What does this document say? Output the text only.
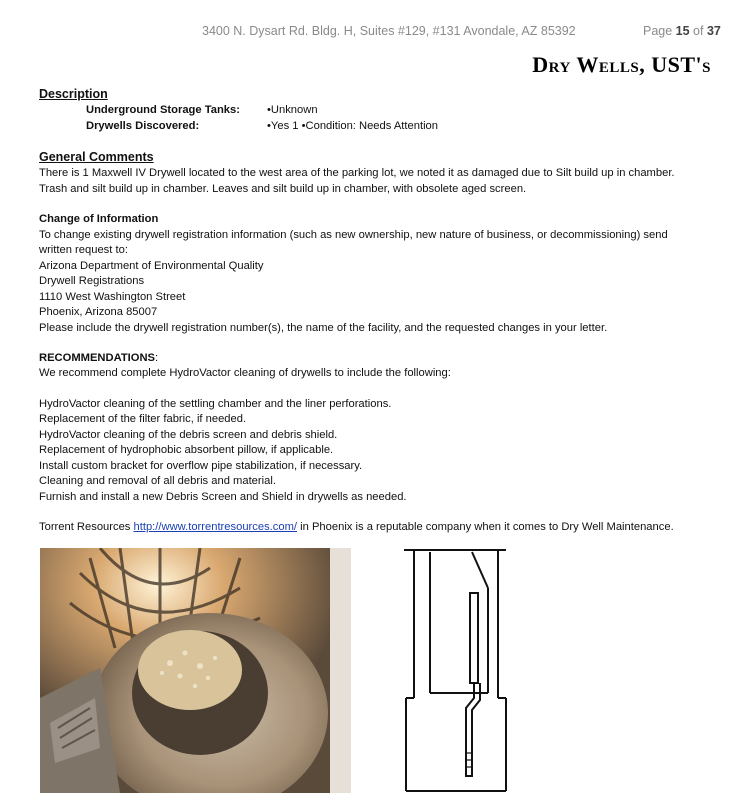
3400 N. Dysart Rd. Bldg. H, Suites #129, #131 Avondale, AZ 85392	Page 15 of 37
Dry Wells, UST's
Description
Underground Storage Tanks: •Unknown
Drywells Discovered:	•Yes 1 •Condition: Needs Attention
General Comments
There is 1 Maxwell IV Drywell located to the west area of the parking lot, we noted it as damaged due to Silt build up in chamber.
Trash and silt build up in chamber. Leaves and silt build up in chamber, with obsolete aged screen.
Change of Information
To change existing drywell registration information (such as new ownership, new nature of business, or decommissioning) send
written request to:
Arizona Department of Environmental Quality
Drywell Registrations
1110 West Washington Street
Phoenix, Arizona 85007
Please include the drywell registration number(s), the name of the facility, and the requested changes in your letter.
RECOMMENDATIONS:
We recommend complete HydroVactor cleaning of drywells to include the following:
HydroVactor cleaning of the settling chamber and the liner perforations.
Replacement of the filter fabric, if needed.
HydroVactor cleaning of the debris screen and debris shield.
Replacement of hydrophobic absorbent pillow, if applicable.
Install custom bracket for overflow pipe stabilization, if necessary.
Cleaning and removal of all debris and material.
Furnish and install a new Debris Screen and Shield in drywells as needed.
Torrent Resources http://www.torrentresources.com/ in Phoenix is a reputable company when it comes to Dry Well Maintenance.
